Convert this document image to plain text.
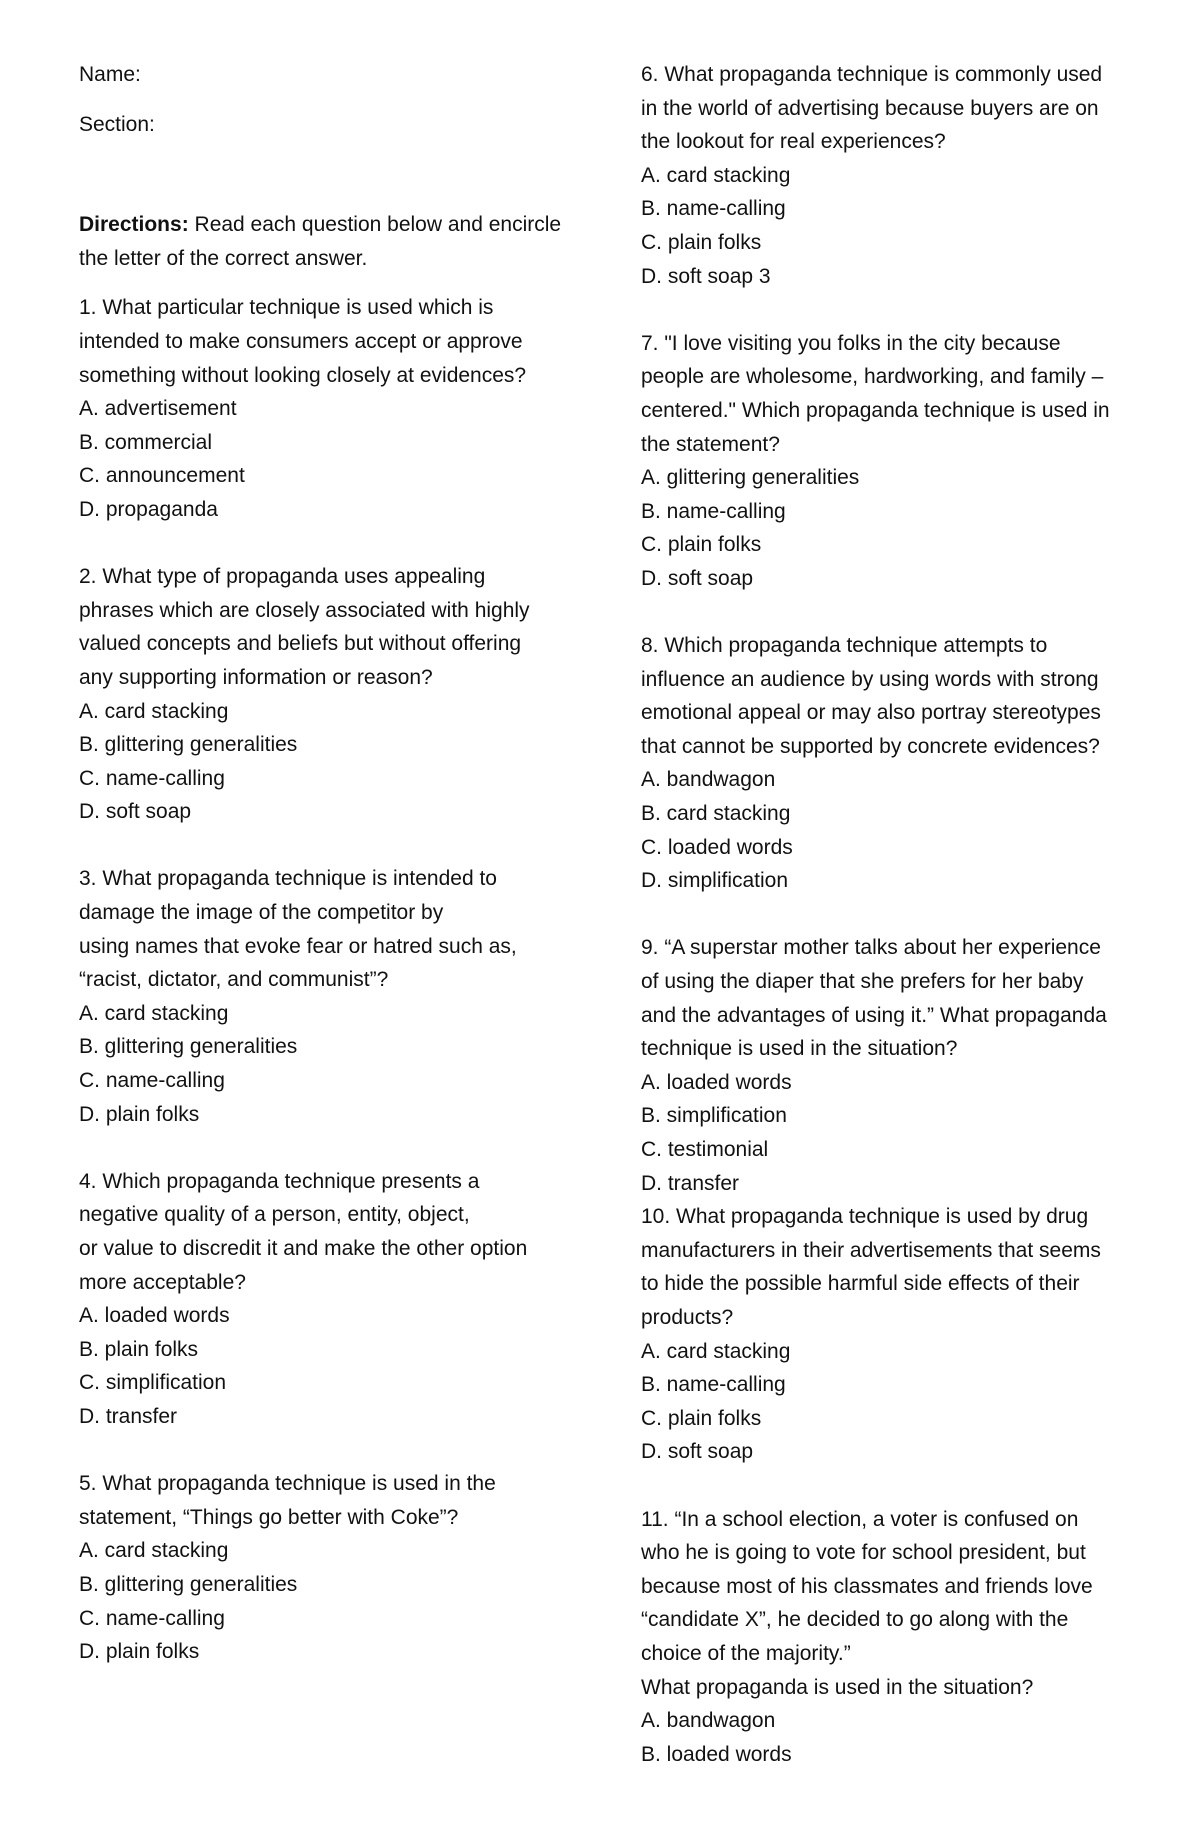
Name:
Section:
Directions: Read each question below and encircle
the letter of the correct answer.
1. What particular technique is used which is
intended to make consumers accept or approve
something without looking closely at evidences?
A. advertisement
B. commercial
C. announcement
D. propaganda
2. What type of propaganda uses appealing
phrases which are closely associated with highly
valued concepts and beliefs but without offering
any supporting information or reason?
A. card stacking
B. glittering generalities
C. name-calling
D. soft soap
3. What propaganda technique is intended to
damage the image of the competitor by
using names that evoke fear or hatred such as,
“racist, dictator, and communist”?
A. card stacking
B. glittering generalities
C. name-calling
D. plain folks
4. Which propaganda technique presents a
negative quality of a person, entity, object,
or value to discredit it and make the other option
more acceptable?
A. loaded words
B. plain folks
C. simplification
D. transfer
5. What propaganda technique is used in the
statement, “Things go better with Coke”?
A. card stacking
B. glittering generalities
C. name-calling
D. plain folks
6. What propaganda technique is commonly used
in the world of advertising because buyers are on
the lookout for real experiences?
A. card stacking
B. name-calling
C. plain folks
D. soft soap 3
7. "I love visiting you folks in the city because
people are wholesome, hardworking, and family –
centered." Which propaganda technique is used in
the statement?
A. glittering generalities
B. name-calling
C. plain folks
D. soft soap
8. Which propaganda technique attempts to
influence an audience by using words with strong
emotional appeal or may also portray stereotypes
that cannot be supported by concrete evidences?
A. bandwagon
B. card stacking
C. loaded words
D. simplification
9. “A superstar mother talks about her experience
of using the diaper that she prefers for her baby
and the advantages of using it.” What propaganda
technique is used in the situation?
A. loaded words
B. simplification
C. testimonial
D. transfer
10. What propaganda technique is used by drug
manufacturers in their advertisements that seems
to hide the possible harmful side effects of their
products?
A. card stacking
B. name-calling
C. plain folks
D. soft soap
11. “In a school election, a voter is confused on
who he is going to vote for school president, but
because most of his classmates and friends love
“candidate X”, he decided to go along with the
choice of the majority.”
What propaganda is used in the situation?
A. bandwagon
B. loaded words
